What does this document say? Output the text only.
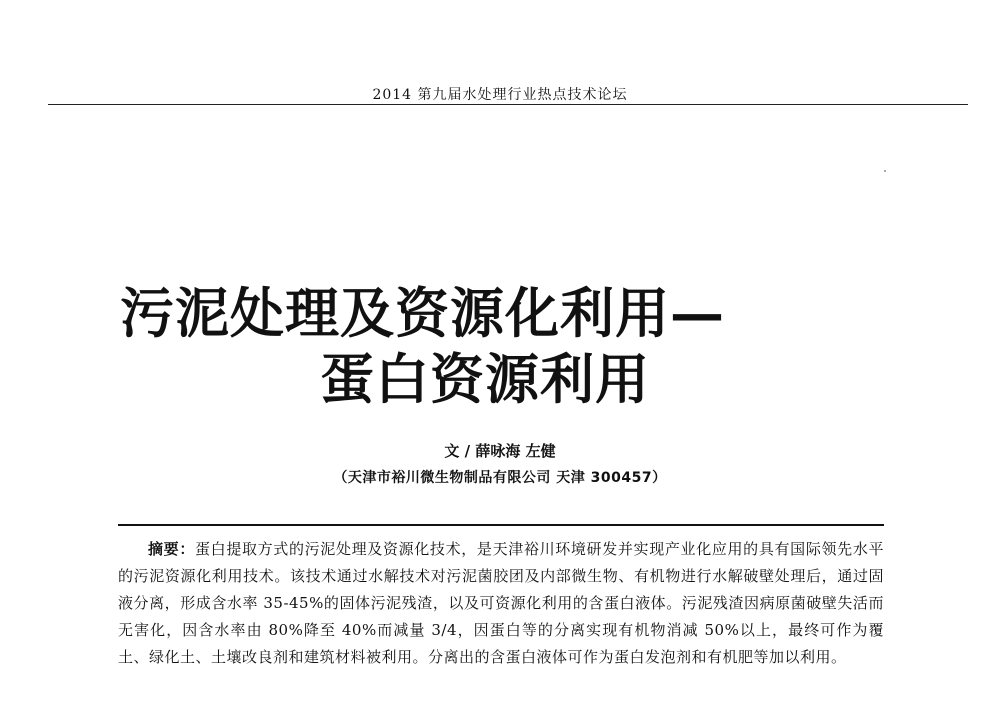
2014 第九届水处理行业热点技术论坛
污泥处理及资源化利用—
蛋白资源利用
文 / 薛咏海 左健
（天津市裕川微生物制品有限公司 天津 300457）
摘要：蛋白提取方式的污泥处理及资源化技术，是天津裕川环境研发并实现产业化应用的具有国际领先水平的污泥资源化利用技术。该技术通过水解技术对污泥菌胶团及内部微生物、有机物进行水解破壁处理后，通过固液分离，形成含水率 35-45%的固体污泥残渣，以及可资源化利用的含蛋白液体。污泥残渣因病原菌破壁失活而无害化，因含水率由 80%降至 40%而减量 3/4，因蛋白等的分离实现有机物消减 50%以上，最终可作为覆土、绿化土、土壤改良剂和建筑材料被利用。分离出的含蛋白液体可作为蛋白发泡剂和有机肥等加以利用。
